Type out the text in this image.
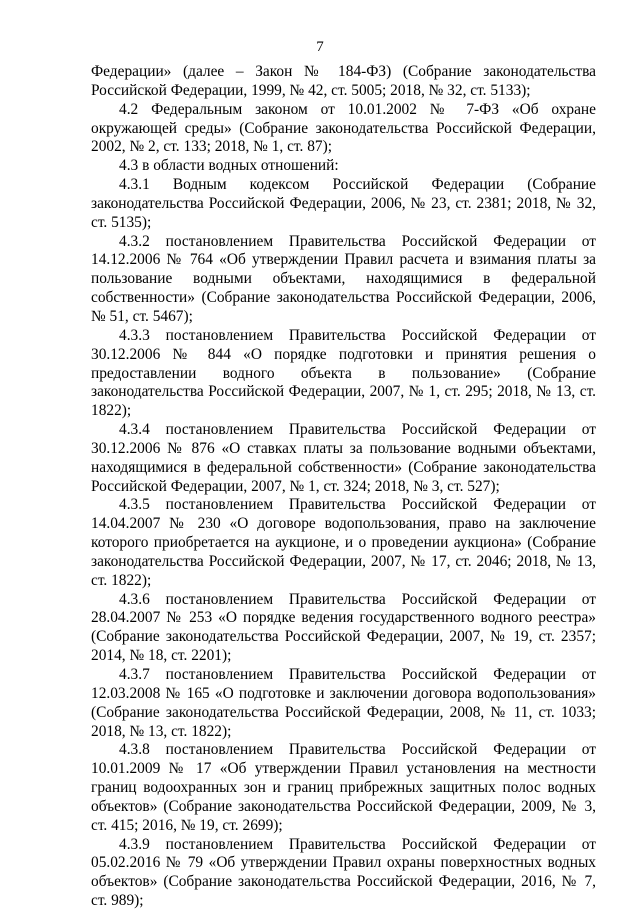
7

Федерации» (далее – Закон № 184-ФЗ) (Собрание законодательства Российской Федерации, 1999, № 42, ст. 5005; 2018, № 32, ст. 5133);

4.2 Федеральным законом от 10.01.2002 № 7-ФЗ «Об охране окружающей среды» (Собрание законодательства Российской Федерации, 2002, № 2, ст. 133; 2018, № 1, ст. 87);

4.3 в области водных отношений:

4.3.1 Водным кодексом Российской Федерации (Собрание законодательства Российской Федерации, 2006, № 23, ст. 2381; 2018, № 32, ст. 5135);

4.3.2 постановлением Правительства Российской Федерации от 14.12.2006 № 764 «Об утверждении Правил расчета и взимания платы за пользование водными объектами, находящимися в федеральной собственности» (Собрание законодательства Российской Федерации, 2006, № 51, ст. 5467);

4.3.3 постановлением Правительства Российской Федерации от 30.12.2006 № 844 «О порядке подготовки и принятия решения о предоставлении водного объекта в пользование» (Собрание законодательства Российской Федерации, 2007, № 1, ст. 295; 2018, № 13, ст. 1822);

4.3.4 постановлением Правительства Российской Федерации от 30.12.2006 № 876 «О ставках платы за пользование водными объектами, находящимися в федеральной собственности» (Собрание законодательства Российской Федерации, 2007, № 1, ст. 324; 2018, № 3, ст. 527);

4.3.5 постановлением Правительства Российской Федерации от 14.04.2007 № 230 «О договоре водопользования, право на заключение которого приобретается на аукционе, и о проведении аукциона» (Собрание законодательства Российской Федерации, 2007, № 17, ст. 2046; 2018, № 13, ст. 1822);

4.3.6 постановлением Правительства Российской Федерации от 28.04.2007 № 253 «О порядке ведения государственного водного реестра» (Собрание законодательства Российской Федерации, 2007, № 19, ст. 2357; 2014, № 18, ст. 2201);

4.3.7 постановлением Правительства Российской Федерации от 12.03.2008 № 165 «О подготовке и заключении договора водопользования» (Собрание законодательства Российской Федерации, 2008, № 11, ст. 1033; 2018, № 13, ст. 1822);

4.3.8 постановлением Правительства Российской Федерации от 10.01.2009 № 17 «Об утверждении Правил установления на местности границ водоохранных зон и границ прибрежных защитных полос водных объектов» (Собрание законодательства Российской Федерации, 2009, № 3, ст. 415; 2016, № 19, ст. 2699);

4.3.9 постановлением Правительства Российской Федерации от 05.02.2016 № 79 «Об утверждении Правил охраны поверхностных водных объектов» (Собрание законодательства Российской Федерации, 2016, № 7, ст. 989);
